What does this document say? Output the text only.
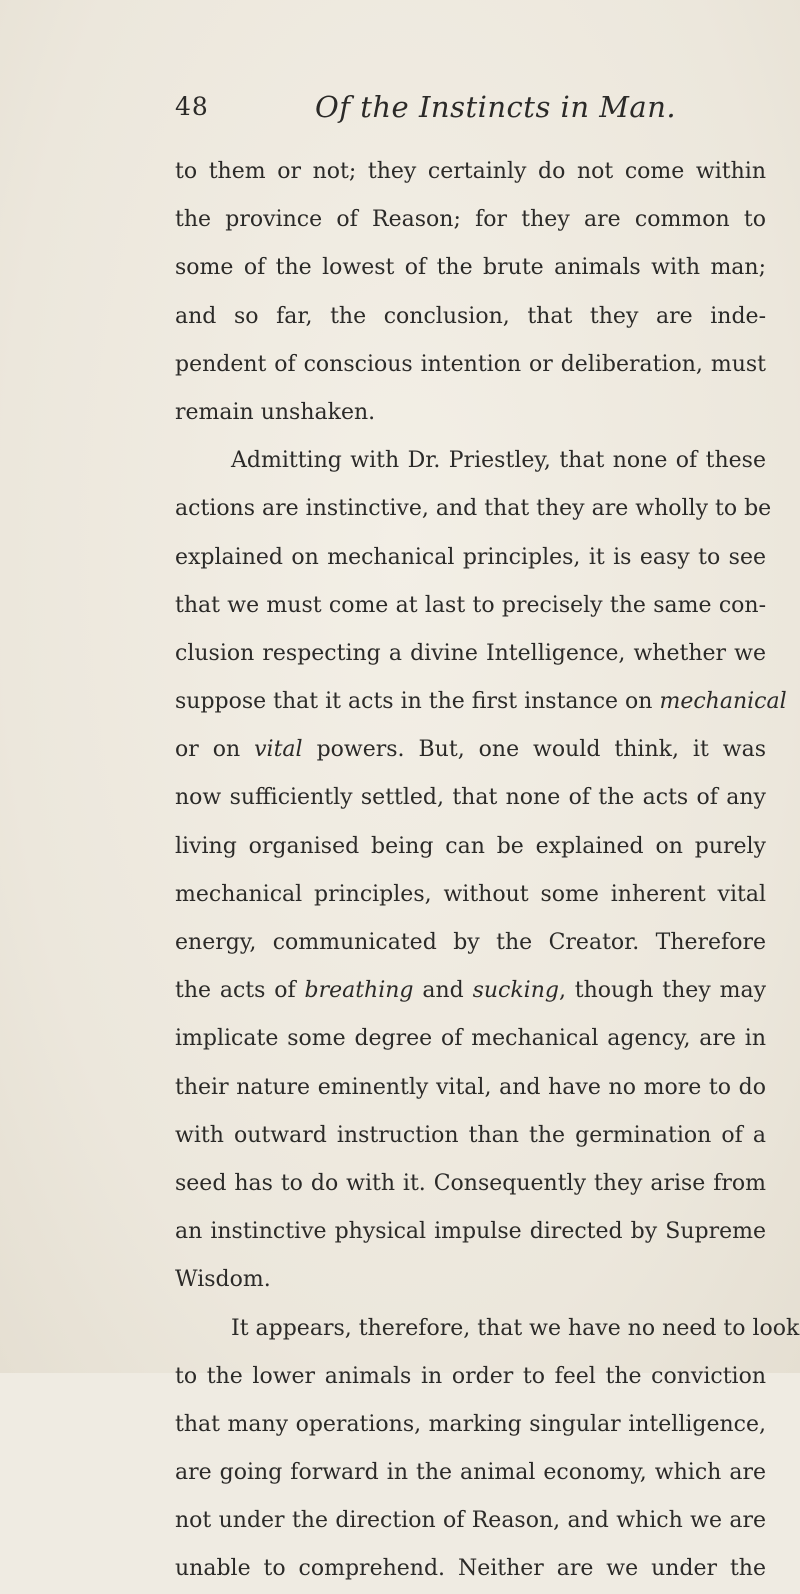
48	Of the Instincts in Man.
to them or not; they certainly do not come within
the province of Reason; for they are common to
some of the lowest of the brute animals with man;
and so far, the conclusion, that they are inde-
pendent of conscious intention or deliberation, must
remain unshaken.
Admitting with Dr. Priestley, that none of these
actions are instinctive, and that they are wholly to be
explained on mechanical principles, it is easy to see
that we must come at last to precisely the same con-
clusion respecting a divine Intelligence, whether we
suppose that it acts in the first instance on mechanical
or on vital powers. But, one would think, it was
now sufficiently settled, that none of the acts of any
living organised being can be explained on purely
mechanical principles, without some inherent vital
energy, communicated by the Creator. Therefore
the acts of breathing and sucking, though they may
implicate some degree of mechanical agency, are in
their nature eminently vital, and have no more to do
with outward instruction than the germination of a
seed has to do with it. Consequently they arise from
an instinctive physical impulse directed by Supreme
Wisdom.
It appears, therefore, that we have no need to look
to the lower animals in order to feel the conviction
that many operations, marking singular intelligence,
are going forward in the animal economy, which are
not under the direction of Reason, and which we are
unable to comprehend. Neither are we under the
